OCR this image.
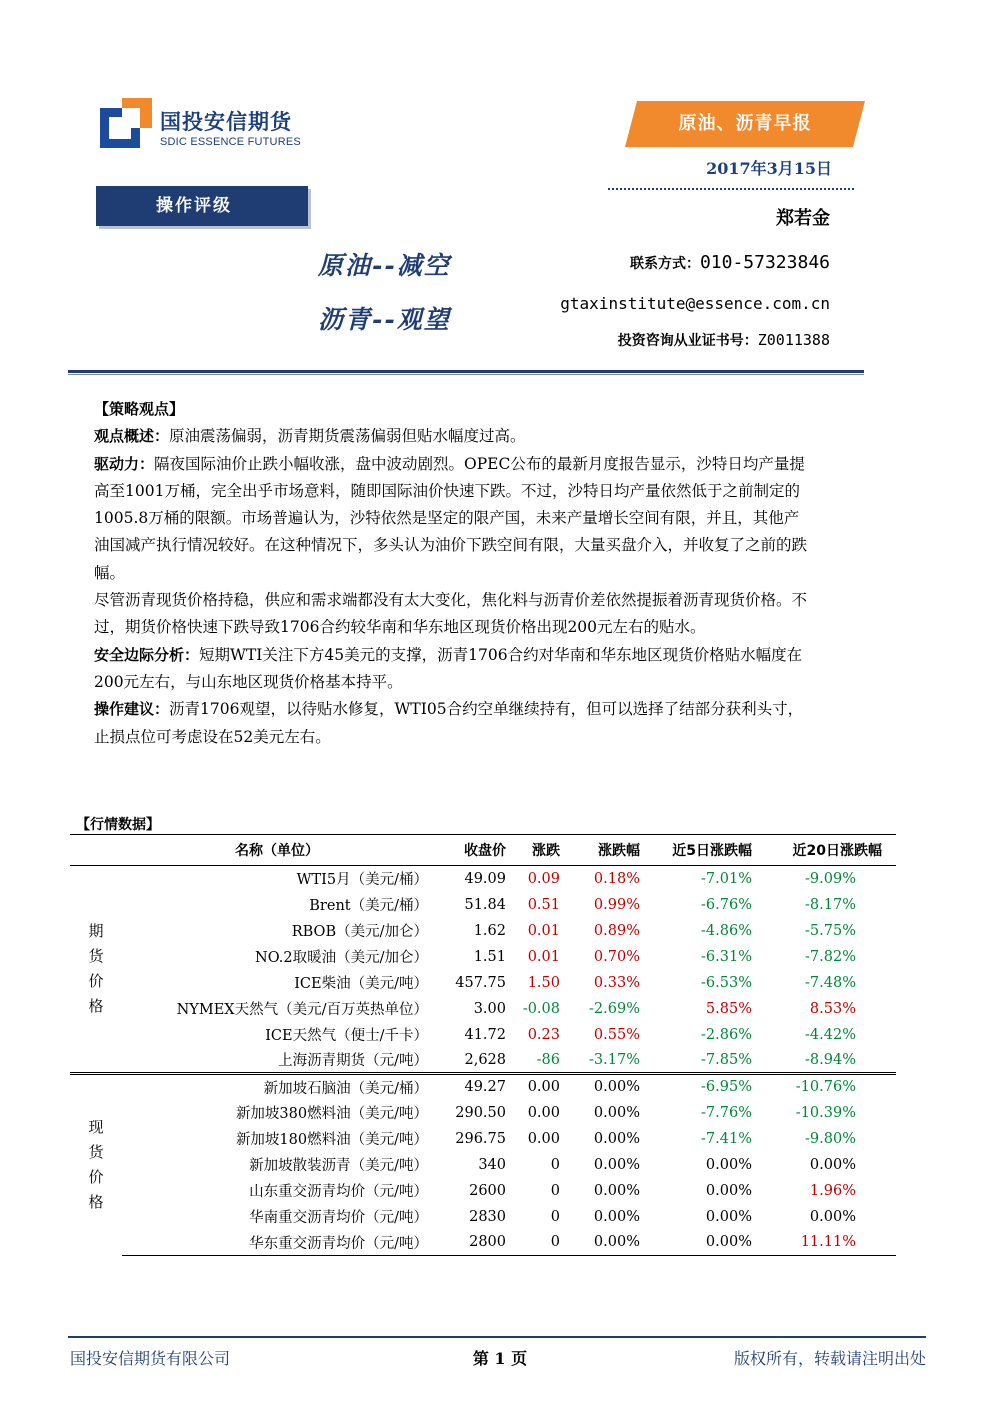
国投安信期货
SDIC ESSENCE FUTURES
原油、沥青早报
2017年3月15日
郑若金
操作评级
原油--减空
沥青--观望
联系方式：010-57323846
gtaxinstitute@essence.com.cn
投资咨询从业证书号：Z0011388

【策略观点】

观点概述：原油震荡偏弱，沥青期货震荡偏弱但贴水幅度过高。

驱动力：隔夜国际油价止跌小幅收涨，盘中波动剧烈。OPEC公布的最新月度报告显示，沙特日均产量提高至1001万桶，完全出乎市场意料，随即国际油价快速下跌。不过，沙特日均产量依然低于之前制定的1005.8万桶的限额。市场普遍认为，沙特依然是坚定的限产国，未来产量增长空间有限，并且，其他产油国减产执行情况较好。在这种情况下，多头认为油价下跌空间有限，大量买盘介入，并收复了之前的跌幅。

尽管沥青现货价格持稳，供应和需求端都没有太大变化，焦化料与沥青价差依然提振着沥青现货价格。不过，期货价格快速下跌导致1706合约较华南和华东地区现货价格出现200元左右的贴水。

安全边际分析：短期WTI关注下方45美元的支撑，沥青1706合约对华南和华东地区现货价格贴水幅度在200元左右，与山东地区现货价格基本持平。

操作建议：沥青1706观望，以待贴水修复，WTI05合约空单继续持有，但可以选择了结部分获利头寸，止损点位可考虑设在52美元左右。

【行情数据】
	名称（单位）	收盘价	涨跌	涨跌幅	近5日涨跌幅	近20日涨跌幅

期
货
价
格	WTI5月（美元/桶）	49.09	0.09	0.18%	-7.01%	-9.09%
	Brent（美元/桶）	51.84	0.51	0.99%	-6.76%	-8.17%
	RBOB（美元/加仑）	1.62	0.01	0.89%	-4.86%	-5.75%
	NO.2取暖油（美元/加仑）	1.51	0.01	0.70%	-6.31%	-7.82%
	ICE柴油（美元/吨）	457.75	1.50	0.33%	-6.53%	-7.48%
	NYMEX天然气（美元/百万英热单位）	3.00	-0.08	-2.69%	5.85%	8.53%
	ICE天然气（便士/千卡）	41.72	0.23	0.55%	-2.86%	-4.42%
	上海沥青期货（元/吨）	2,628	-86	-3.17%	-7.85%	-8.94%

现
货
价
格	新加坡石脑油（美元/桶）	49.27	0.00	0.00%	-6.95%	-10.76%
	新加坡380燃料油（美元/吨）	290.50	0.00	0.00%	-7.76%	-10.39%
	新加坡180燃料油（美元/吨）	296.75	0.00	0.00%	-7.41%	-9.80%
	新加坡散装沥青（美元/吨）	340	0	0.00%	0.00%	0.00%
	山东重交沥青均价（元/吨）	2600	0	0.00%	0.00%	1.96%
	华南重交沥青均价（元/吨）	2830	0	0.00%	0.00%	0.00%
	华东重交沥青均价（元/吨）	2800	0	0.00%	0.00%	11.11%
国投安信期货有限公司	第 1 页	版权所有，转载请注明出处
